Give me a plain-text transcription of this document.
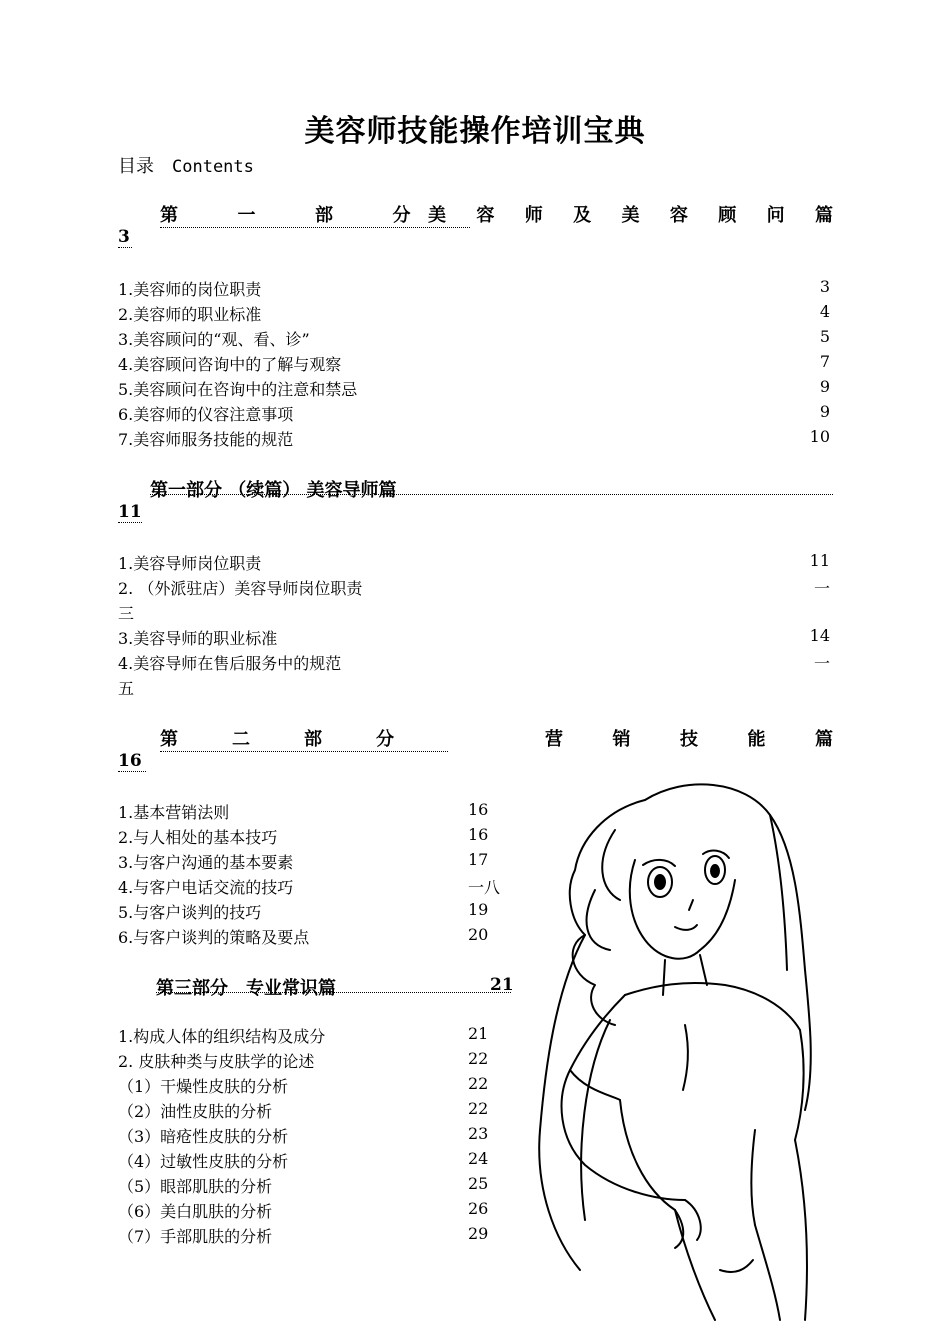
美容师技能操作培训宝典
目录 Contents
第	一	部	分 美 容 师 及 美 容 顾 问 篇
3
1.美容师的岗位职责	3
2.美容师的职业标准	4
3.美容顾问的“观、看、诊”	5
4.美容顾问咨询中的了解与观察	7
5.美容顾问在咨询中的注意和禁忌	9
6.美容师的仪容注意事项	9
7.美容师服务技能的规范	10
第一部分 （续篇） 美容导师篇
11
1.美容导师岗位职责	11
2. （外派驻店）美容导师岗位职责	一
三
3.美容导师的职业标准	14
4.美容导师在售后服务中的规范	一
五
第	二	部	分	营	销	技	能	篇
16
1.基本营销法则	16
2.与人相处的基本技巧	16
3.与客户沟通的基本要素	17
4.与客户电话交流的技巧	一八
5.与客户谈判的技巧	19
6.与客户谈判的策略及要点	20
第三部分　专业常识篇	21
1.构成人体的组织结构及成分	21
2. 皮肤种类与皮肤学的论述	22
（1）干燥性皮肤的分析	22
（2）油性皮肤的分析	22
（3）暗疮性皮肤的分析	23
（4）过敏性皮肤的分析	24
（5）眼部肌肤的分析	25
（6）美白肌肤的分析	26
（7）手部肌肤的分析	29
